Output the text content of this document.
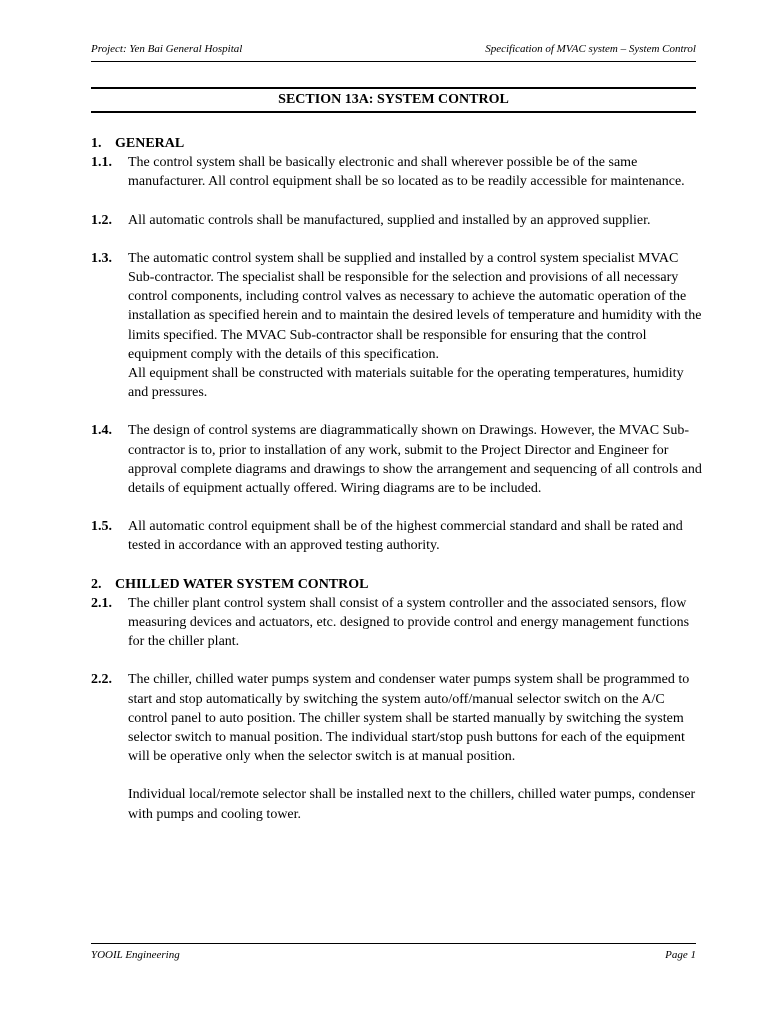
Project: Yen Bai General Hospital	Specification of MVAC system – System Control
SECTION 13A: SYSTEM CONTROL
1. GENERAL
1.1.	The control system shall be basically electronic and shall wherever possible be of the same manufacturer. All control equipment shall be so located as to be readily accessible for maintenance.
1.2.	All automatic controls shall be manufactured, supplied and installed by an approved supplier.
1.3.	The automatic control system shall be supplied and installed by a control system specialist MVAC Sub-contractor. The specialist shall be responsible for the selection and provisions of all necessary control components, including control valves as necessary to achieve the automatic operation of the installation as specified herein and to maintain the desired levels of temperature and humidity with the limits specified. The MVAC Sub-contractor shall be responsible for ensuring that the control equipment comply with the details of this specification.
All equipment shall be constructed with materials suitable for the operating temperatures, humidity and pressures.
1.4.	The design of control systems are diagrammatically shown on Drawings. However, the MVAC Sub-contractor is to, prior to installation of any work, submit to the Project Director and Engineer for approval complete diagrams and drawings to show the arrangement and sequencing of all controls and details of equipment actually offered. Wiring diagrams are to be included.
1.5.	All automatic control equipment shall be of the highest commercial standard and shall be rated and tested in accordance with an approved testing authority.
2. CHILLED WATER SYSTEM CONTROL
2.1.	The chiller plant control system shall consist of a system controller and the associated sensors, flow measuring devices and actuators, etc. designed to provide control and energy management functions for the chiller plant.
2.2.	The chiller, chilled water pumps system and condenser water pumps system shall be programmed to start and stop automatically by switching the system auto/off/manual selector switch on the A/C control panel to auto position. The chiller system shall be started manually by switching the system selector switch to manual position. The individual start/stop push buttons for each of the equipment will be operative only when the selector switch is at manual position.
Individual local/remote selector shall be installed next to the chillers, chilled water pumps, condenser with pumps and cooling tower.
YOOIL Engineering	Page 1
